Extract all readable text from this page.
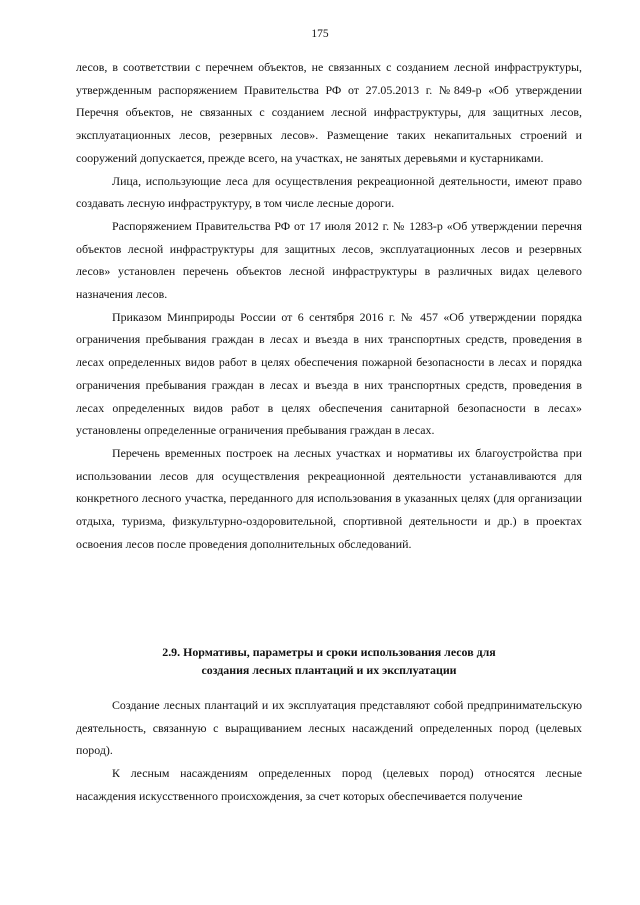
175

лесов, в соответствии с перечнем объектов, не связанных с созданием лесной инфраструктуры, утвержденным распоряжением Правительства РФ от 27.05.2013 г. №849-р «Об утверждении Перечня объектов, не связанных с созданием лесной инфраструктуры, для защитных лесов, эксплуатационных лесов, резервных лесов». Размещение таких некапитальных строений и сооружений допускается, прежде всего, на участках, не занятых деревьями и кустарниками.

Лица, использующие леса для осуществления рекреационной деятельности, имеют право создавать лесную инфраструктуру, в том числе лесные дороги.

Распоряжением Правительства РФ от 17 июля 2012 г. № 1283-р «Об утверждении перечня объектов лесной инфраструктуры для защитных лесов, эксплуатационных лесов и резервных лесов» установлен перечень объектов лесной инфраструктуры в различных видах целевого назначения лесов.

Приказом Минприроды России от 6 сентября 2016 г. № 457 «Об утверждении порядка ограничения пребывания граждан в лесах и въезда в них транспортных средств, проведения в лесах определенных видов работ в целях обеспечения пожарной безопасности в лесах и порядка ограничения пребывания граждан в лесах и въезда в них транспортных средств, проведения в лесах определенных видов работ в целях обеспечения санитарной безопасности в лесах» установлены определенные ограничения пребывания граждан в лесах.

Перечень временных построек на лесных участках и нормативы их благоустройства при использовании лесов для осуществления рекреационной деятельности устанавливаются для конкретного лесного участка, переданного для использования в указанных целях (для организации отдыха, туризма, физкультурно-оздоровительной, спортивной деятельности и др.) в проектах освоения лесов после проведения дополнительных обследований.

2.9. Нормативы, параметры и сроки использования лесов для
создания лесных плантаций и их эксплуатации

Создание лесных плантаций и их эксплуатация представляют собой предпринимательскую деятельность, связанную с выращиванием лесных насаждений определенных пород (целевых пород).

К лесным насаждениям определенных пород (целевых пород) относятся лесные насаждения искусственного происхождения, за счет которых обеспечивается получение
